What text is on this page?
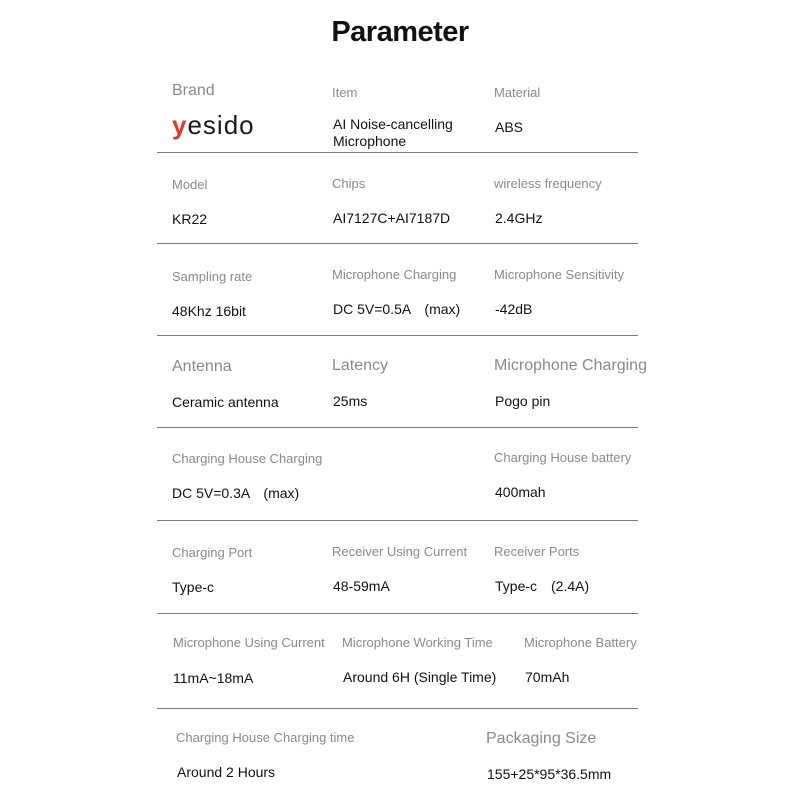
Parameter
Brand
yesido
Item
AI Noise-cancelling
Microphone
Material
ABS
Model
KR22
Chips
AI7127C+AI7187D
wireless frequency
2.4GHz
Sampling rate
48Khz 16bit
Microphone Charging
DC 5V=0.5A　(max)
Microphone Sensitivity
-42dB
Antenna
Ceramic antenna
Latency
25ms
Microphone Charging
Pogo pin
Charging House Charging
DC 5V=0.3A　(max)
Charging House battery
400mah
Charging Port
Type-c
Receiver Using Current
48-59mA
Receiver Ports
Type-c　(2.4A)
Microphone Using Current
11mA~18mA
Microphone Working Time
Around 6H (Single Time)
Microphone Battery
70mAh
Charging House Charging time
Around 2 Hours
Packaging Size
155+25*95*36.5mm
